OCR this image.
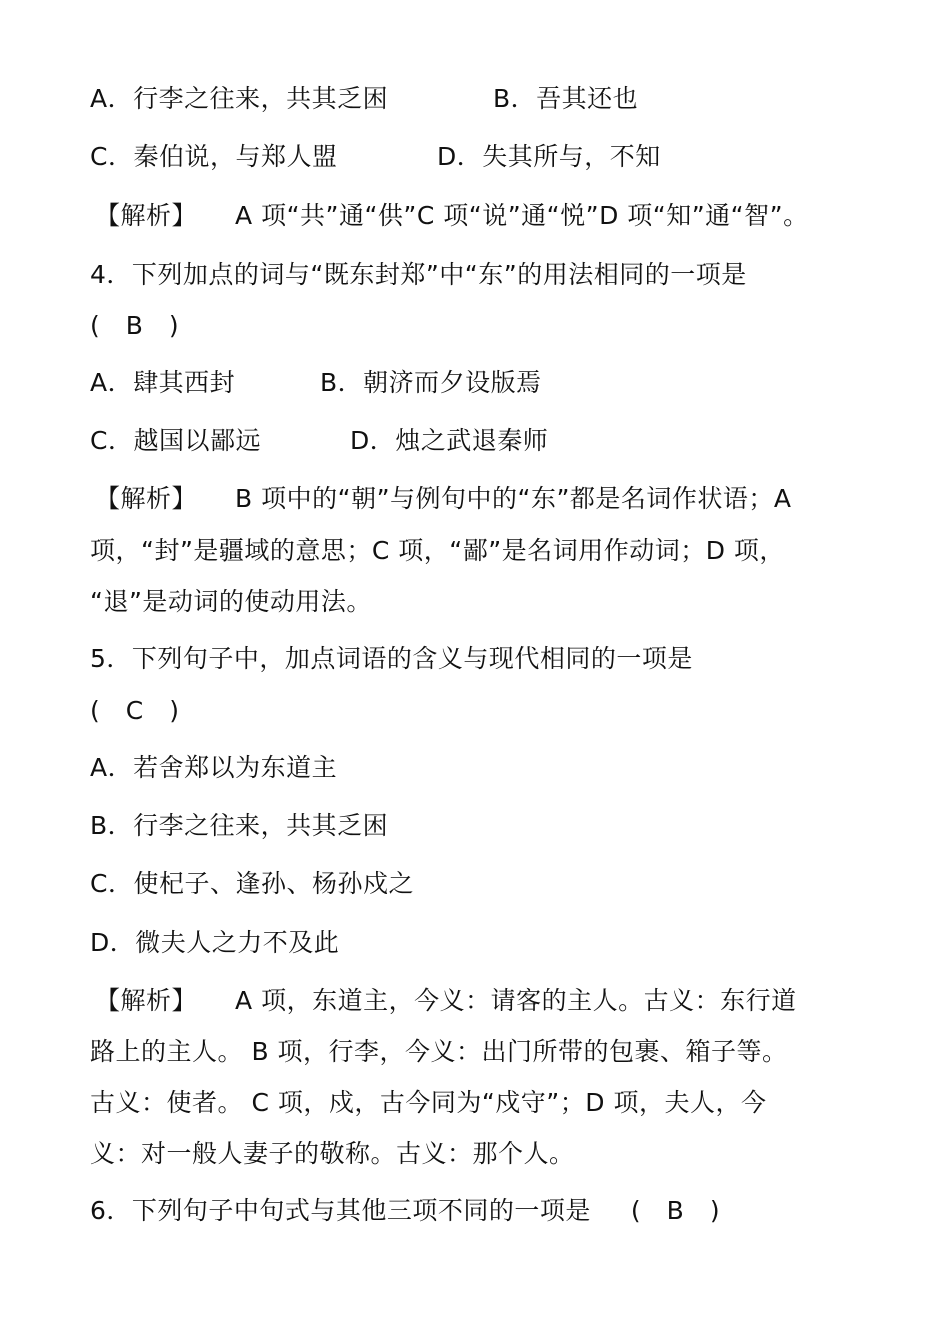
A．行李之往来，共其乏困	B．吾其还也

C．秦伯说，与郑人盟	D．失其所与，不知

【解析】 A 项“共”通“供”C 项“说”通“悦”D 项“知”通“智”。

4．下列加点的词与“既东封郑”中“东”的用法相同的一项是

(　B　)

A．肆其西封	B．朝济而夕设版焉

C．越国以鄙远	D．烛之武退秦师

【解析】 B 项中的“朝”与例句中的“东”都是名词作状语；A

项，“封”是疆域的意思；C 项，“鄙”是名词用作动词；D 项，

“退”是动词的使动用法。

5．下列句子中，加点词语的含义与现代相同的一项是

(　C　)

A．若舍郑以为东道主

B．行李之往来，共其乏困

C．使杞子、逢孙、杨孙戍之

D．微夫人之力不及此

【解析】 A 项，东道主，今义：请客的主人。古义：东行道

路上的主人。 B 项，行李，今义：出门所带的包裹、箱子等。

古义：使者。 C 项，戍，古今同为“戍守”；D 项，夫人，今

义：对一般人妻子的敬称。古义：那个人。

6．下列句子中句式与其他三项不同的一项是 (　B　)
